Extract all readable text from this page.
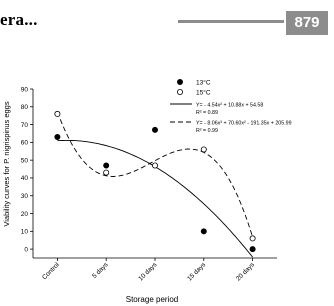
era...	879
0
10
20
30
40
50
60
70
80
90
Control	5 days	10 days	15 days	20 days
13°C
15°C
Y= - 4.54x² + 10.88x + 54.58
R² = 0.89
Y= - 8.06x³ + 70.60x² - 191.35x + 205.99
R² = 0.99
Viability curves for P. nigrispinus eggs
Storage period
